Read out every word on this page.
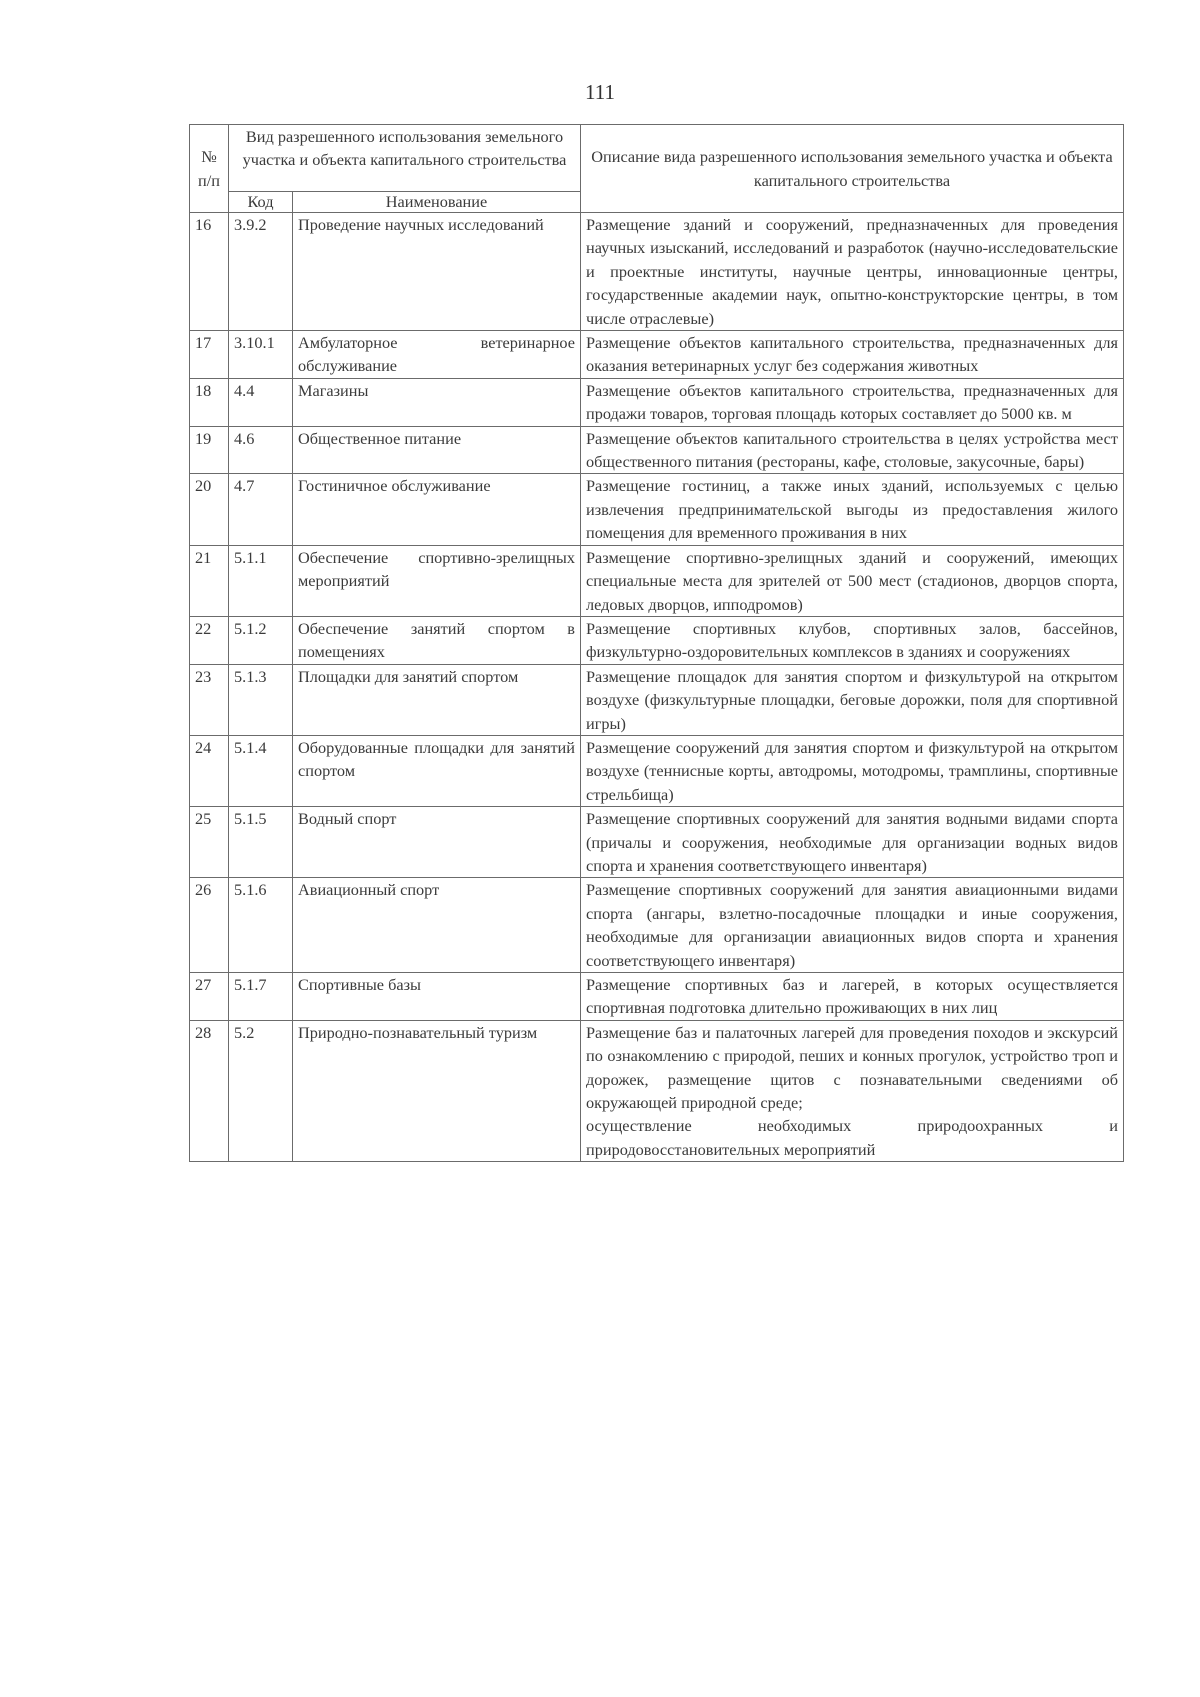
111
№ п/п	Вид разрешенного использования земельного участка и объекта капитального строительства		Описание вида разрешенного использования земельного участка и объекта капитального строительства
	Код	Наименование	
16	3.9.2	Проведение научных исследований	Размещение зданий и сооружений, предназначенных для проведения научных изысканий, исследований и разработок (научно-исследовательские и проектные институты, научные центры, инновационные центры, государственные академии наук, опытно-конструкторские центры, в том числе отраслевые)

17	3.10.1	Амбулаторное ветеринарное обслуживание	Размещение объектов капитального строительства, предназначенных для оказания ветеринарных услуг без содержания животных

18	4.4	Магазины	Размещение объектов капитального строительства, предназначенных для продажи товаров, торговая площадь которых составляет до 5000 кв. м

19	4.6	Общественное питание	Размещение объектов капитального строительства в целях устройства мест общественного питания (рестораны, кафе, столовые, закусочные, бары)

20	4.7	Гостиничное обслуживание	Размещение гостиниц, а также иных зданий, используемых с целью извлечения предпринимательской выгоды из предоставления жилого помещения для временного проживания в них

21	5.1.1	Обеспечение спортивно-зрелищных мероприятий	Размещение спортивно-зрелищных зданий и сооружений, имеющих специальные места для зрителей от 500 мест (стадионов, дворцов спорта, ледовых дворцов, ипподромов)

22	5.1.2	Обеспечение занятий спортом в помещениях	Размещение спортивных клубов, спортивных залов, бассейнов, физкультурно-оздоровительных комплексов в зданиях и сооружениях

23	5.1.3	Площадки для занятий спортом	Размещение площадок для занятия спортом и физкультурой на открытом воздухе (физкультурные площадки, беговые дорожки, поля для спортивной игры)

24	5.1.4	Оборудованные площадки для занятий спортом	Размещение сооружений для занятия спортом и физкультурой на открытом воздухе (теннисные корты, автодромы, мотодромы, трамплины, спортивные стрельбища)

25	5.1.5	Водный спорт	Размещение спортивных сооружений для занятия водными видами спорта (причалы и сооружения, необходимые для организации водных видов спорта и хранения соответствующего инвентаря)

26	5.1.6	Авиационный спорт	Размещение спортивных сооружений для занятия авиационными видами спорта (ангары, взлетно-посадочные площадки и иные сооружения, необходимые для организации авиационных видов спорта и хранения соответствующего инвентаря)

27	5.1.7	Спортивные базы	Размещение спортивных баз и лагерей, в которых осуществляется спортивная подготовка длительно проживающих в них лиц

28	5.2	Природно-познавательный туризм	Размещение баз и палаточных лагерей для проведения походов и экскурсий по ознакомлению с природой, пеших и конных прогулок, устройство троп и дорожек, размещение щитов с познавательными сведениями об окружающей природной среде;
осуществление необходимых природоохранных и природовосстановительных мероприятий
